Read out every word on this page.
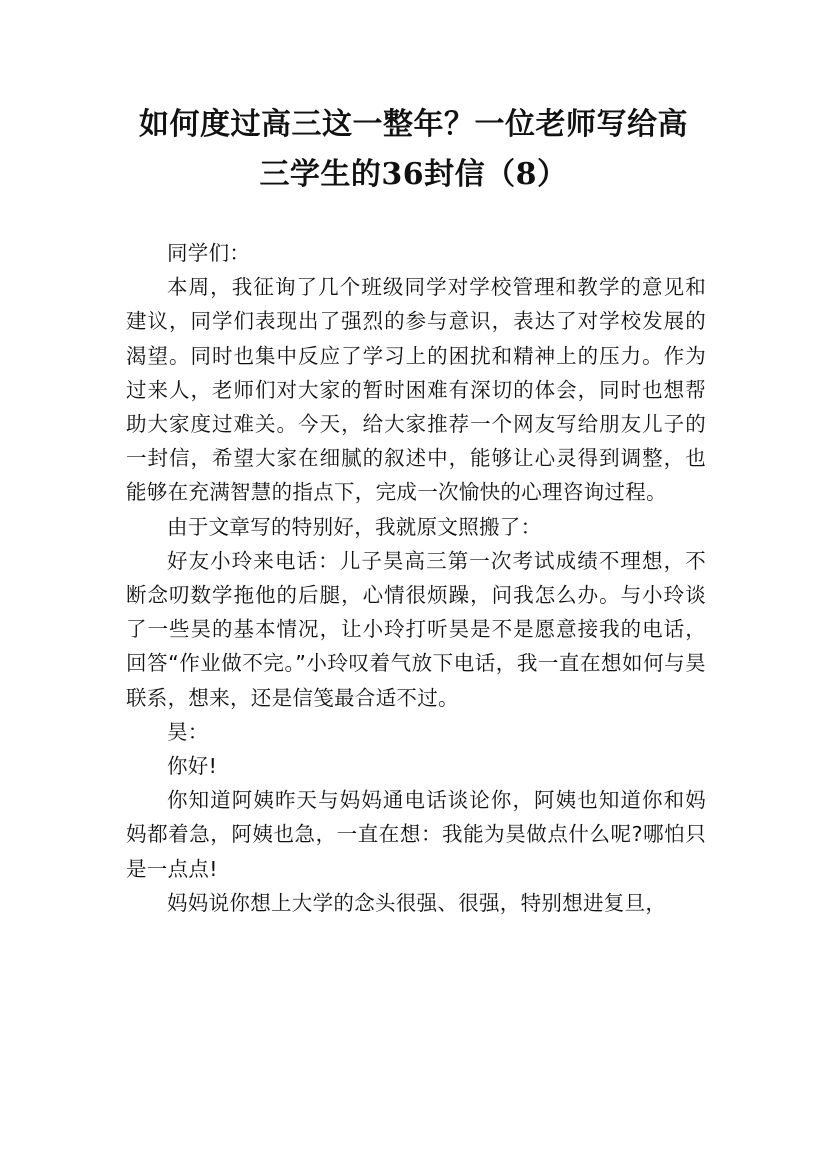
如何度过高三这一整年？一位老师写给高
三学生的36封信（8）

同学们：

本周，我征询了几个班级同学对学校管理和教学的意见和建议，同学们表现出了强烈的参与意识，表达了对学校发展的渴望。同时也集中反应了学习上的困扰和精神上的压力。作为过来人，老师们对大家的暂时困难有深切的体会，同时也想帮助大家度过难关。今天，给大家推荐一个网友写给朋友儿子的一封信，希望大家在细腻的叙述中，能够让心灵得到调整，也能够在充满智慧的指点下，完成一次愉快的心理咨询过程。

由于文章写的特别好，我就原文照搬了：

好友小玲来电话：儿子昊高三第一次考试成绩不理想，不断念叨数学拖他的后腿，心情很烦躁，问我怎么办。与小玲谈了一些昊的基本情况，让小玲打听昊是不是愿意接我的电话，回答“作业做不完。”小玲叹着气放下电话，我一直在想如何与昊联系，想来，还是信笺最合适不过。

昊：

你好!

你知道阿姨昨天与妈妈通电话谈论你，阿姨也知道你和妈妈都着急，阿姨也急，一直在想：我能为昊做点什么呢?哪怕只是一点点!

妈妈说你想上大学的念头很强、很强，特别想进复旦，
